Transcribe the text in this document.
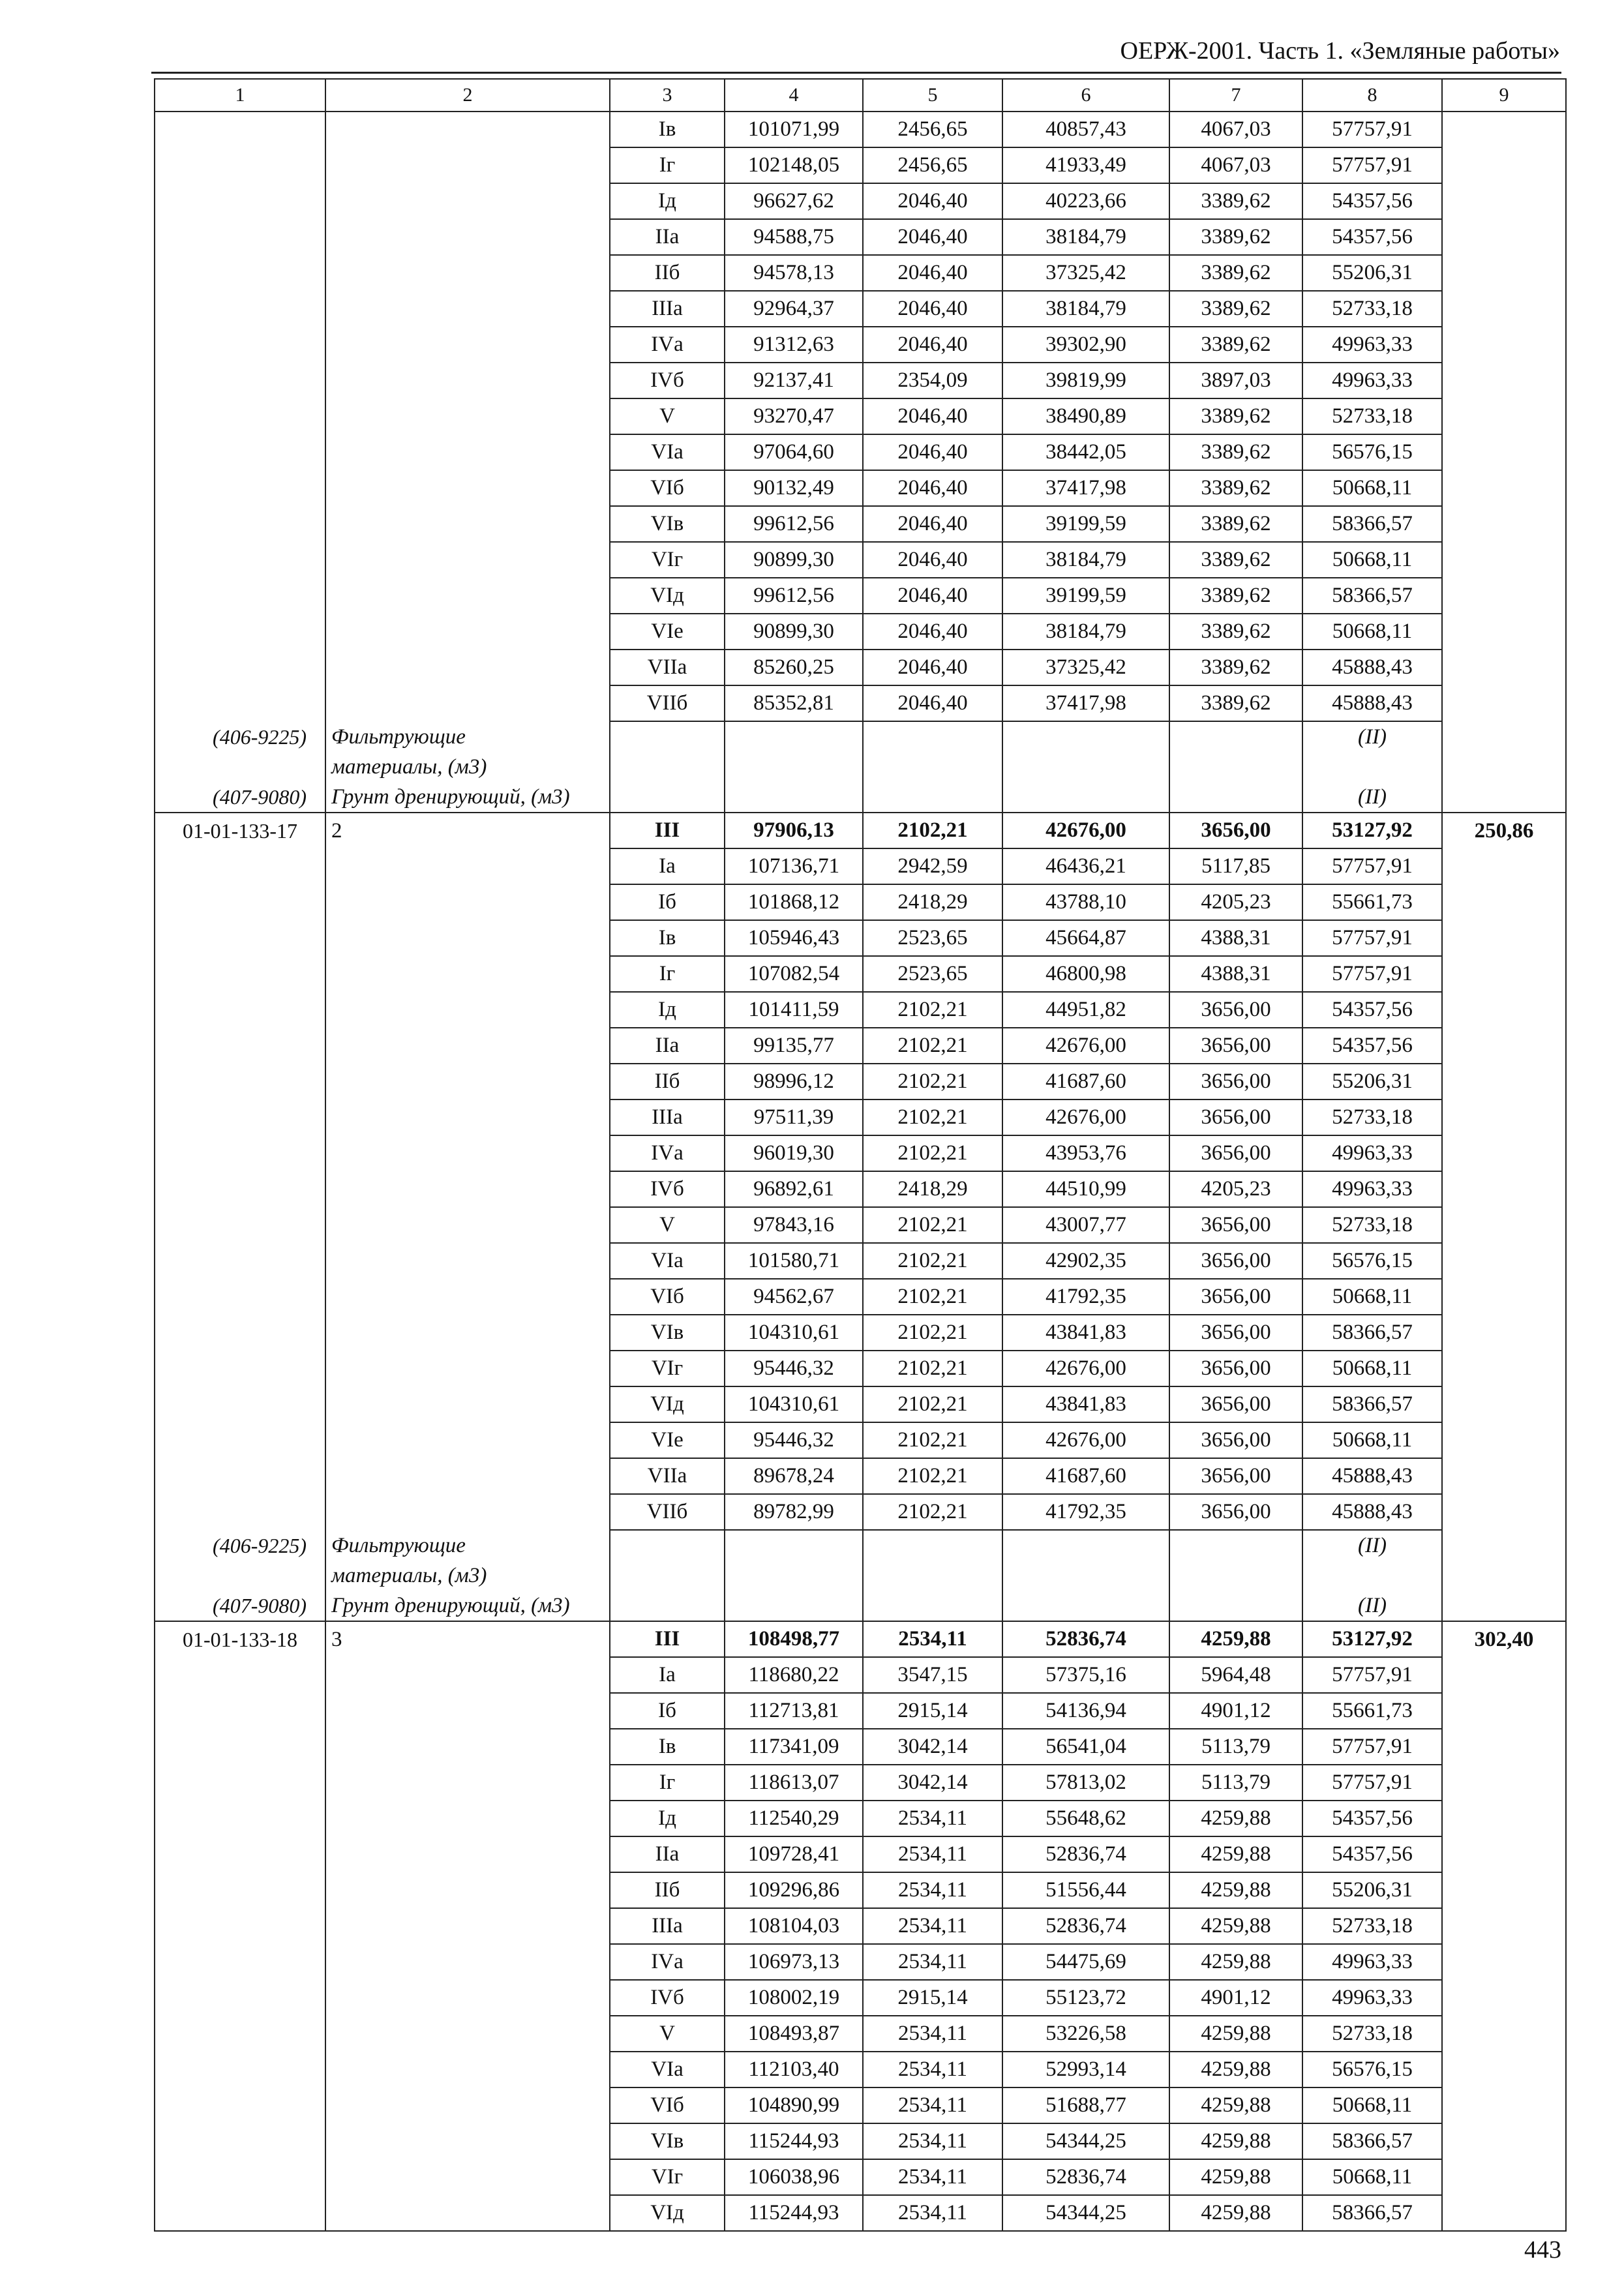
ОЕРЖ-2001. Часть 1. «Земляные работы»
1	2	3	4	5	6	7	8	9
		Iв	101071,99	2456,65	40857,43	4067,03	57757,91	
		Iг	102148,05	2456,65	41933,49	4067,03	57757,91	
		Iд	96627,62	2046,40	40223,66	3389,62	54357,56	
		IIа	94588,75	2046,40	38184,79	3389,62	54357,56	
		IIб	94578,13	2046,40	37325,42	3389,62	55206,31	
		IIIа	92964,37	2046,40	38184,79	3389,62	52733,18	
		IVа	91312,63	2046,40	39302,90	3389,62	49963,33	
		IVб	92137,41	2354,09	39819,99	3897,03	49963,33	
		V	93270,47	2046,40	38490,89	3389,62	52733,18	
		VIа	97064,60	2046,40	38442,05	3389,62	56576,15	
		VIб	90132,49	2046,40	37417,98	3389,62	50668,11	
		VIв	99612,56	2046,40	39199,59	3389,62	58366,57	
		VIг	90899,30	2046,40	38184,79	3389,62	50668,11	
		VIд	99612,56	2046,40	39199,59	3389,62	58366,57	
		VIе	90899,30	2046,40	38184,79	3389,62	50668,11	
		VIIа	85260,25	2046,40	37325,42	3389,62	45888,43	
		VIIб	85352,81	2046,40	37417,98	3389,62	45888,43	
(406-9225)	Фильтрующие						(II)	
	материалы, (м3)							
(407-9080)	Грунт дренирующий, (м3)						(II)	
01-01-133-17	2	III	97906,13	2102,21	42676,00	3656,00	53127,92	250,86
		Iа	107136,71	2942,59	46436,21	5117,85	57757,91	
		Iб	101868,12	2418,29	43788,10	4205,23	55661,73	
		Iв	105946,43	2523,65	45664,87	4388,31	57757,91	
		Iг	107082,54	2523,65	46800,98	4388,31	57757,91	
		Iд	101411,59	2102,21	44951,82	3656,00	54357,56	
		IIа	99135,77	2102,21	42676,00	3656,00	54357,56	
		IIб	98996,12	2102,21	41687,60	3656,00	55206,31	
		IIIа	97511,39	2102,21	42676,00	3656,00	52733,18	
		IVа	96019,30	2102,21	43953,76	3656,00	49963,33	
		IVб	96892,61	2418,29	44510,99	4205,23	49963,33	
		V	97843,16	2102,21	43007,77	3656,00	52733,18	
		VIа	101580,71	2102,21	42902,35	3656,00	56576,15	
		VIб	94562,67	2102,21	41792,35	3656,00	50668,11	
		VIв	104310,61	2102,21	43841,83	3656,00	58366,57	
		VIг	95446,32	2102,21	42676,00	3656,00	50668,11	
		VIд	104310,61	2102,21	43841,83	3656,00	58366,57	
		VIе	95446,32	2102,21	42676,00	3656,00	50668,11	
		VIIа	89678,24	2102,21	41687,60	3656,00	45888,43	
		VIIб	89782,99	2102,21	41792,35	3656,00	45888,43	
(406-9225)	Фильтрующие						(II)	
	материалы, (м3)							
(407-9080)	Грунт дренирующий, (м3)						(II)	
01-01-133-18	3	III	108498,77	2534,11	52836,74	4259,88	53127,92	302,40
		Iа	118680,22	3547,15	57375,16	5964,48	57757,91	
		Iб	112713,81	2915,14	54136,94	4901,12	55661,73	
		Iв	117341,09	3042,14	56541,04	5113,79	57757,91	
		Iг	118613,07	3042,14	57813,02	5113,79	57757,91	
		Iд	112540,29	2534,11	55648,62	4259,88	54357,56	
		IIа	109728,41	2534,11	52836,74	4259,88	54357,56	
		IIб	109296,86	2534,11	51556,44	4259,88	55206,31	
		IIIа	108104,03	2534,11	52836,74	4259,88	52733,18	
		IVа	106973,13	2534,11	54475,69	4259,88	49963,33	
		IVб	108002,19	2915,14	55123,72	4901,12	49963,33	
		V	108493,87	2534,11	53226,58	4259,88	52733,18	
		VIа	112103,40	2534,11	52993,14	4259,88	56576,15	
		VIб	104890,99	2534,11	51688,77	4259,88	50668,11	
		VIв	115244,93	2534,11	54344,25	4259,88	58366,57	
		VIг	106038,96	2534,11	52836,74	4259,88	50668,11	
		VIд	115244,93	2534,11	54344,25	4259,88	58366,57	
443
